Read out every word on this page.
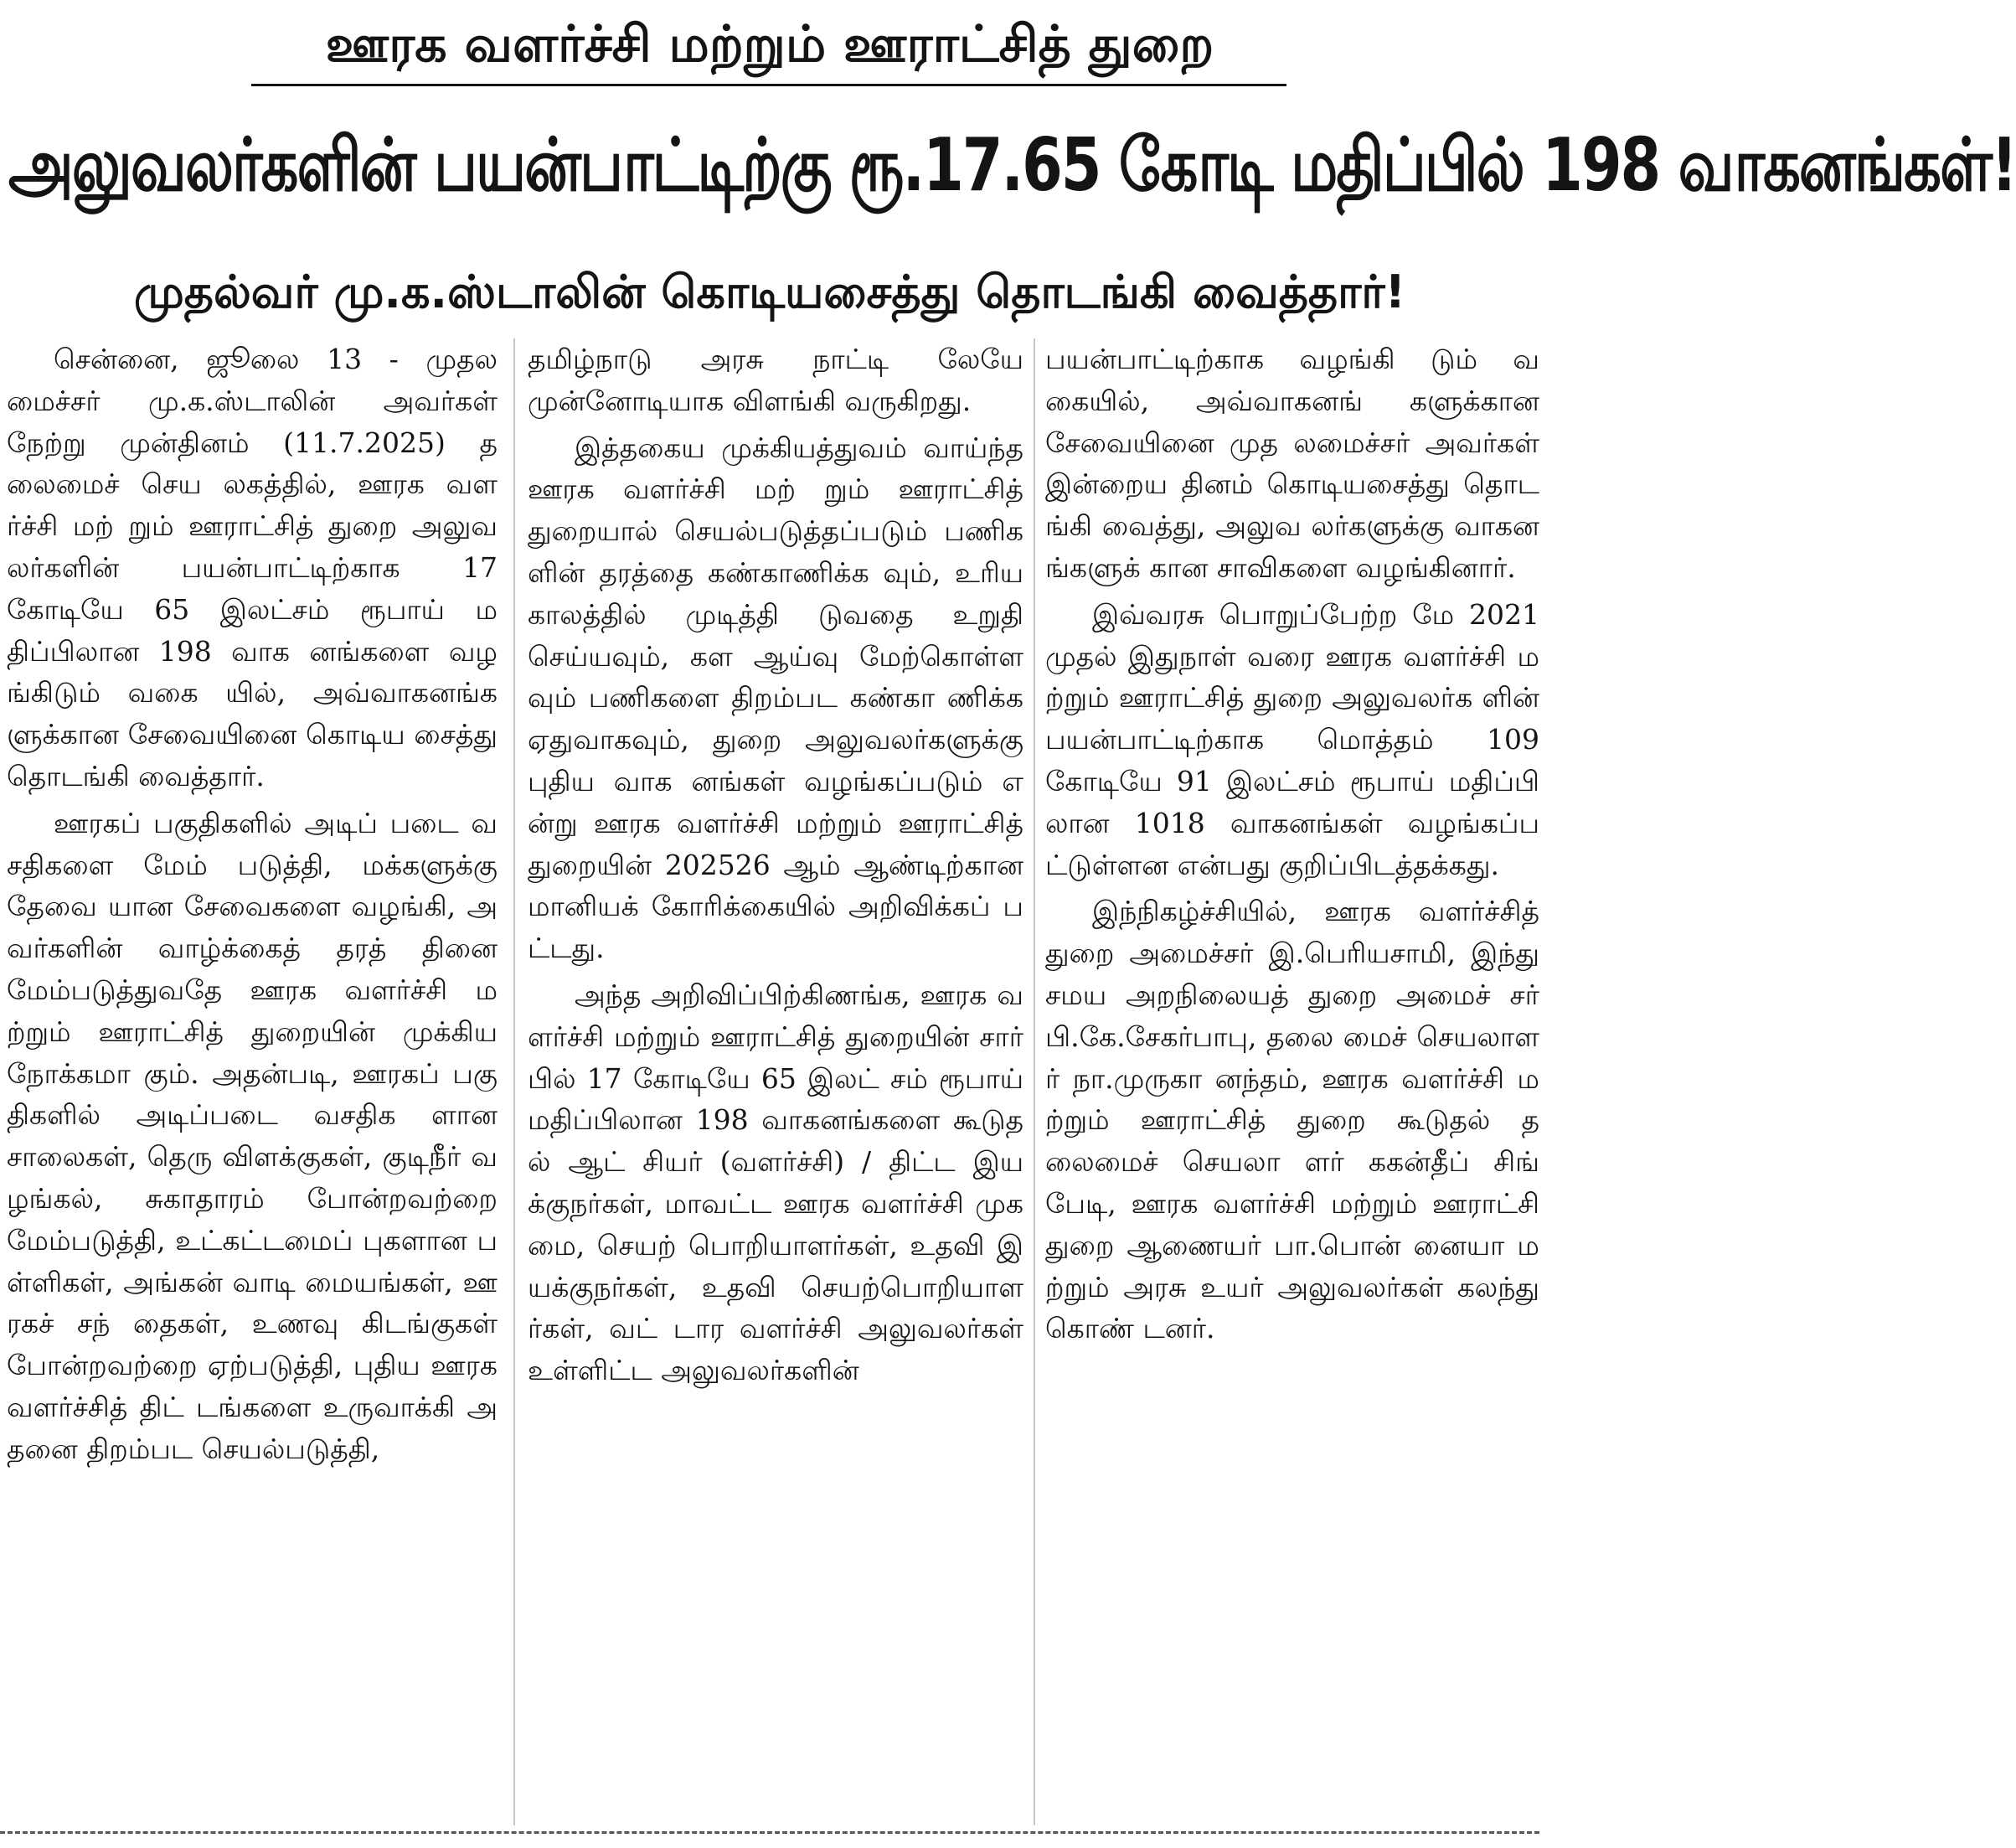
ஊரக வளர்ச்சி மற்றும் ஊராட்சித் துறை
அலுவலர்களின் பயன்பாட்டிற்கு ரூ.17.65 கோடி மதிப்பில் 198 வாகனங்கள்!
முதல்வர் மு.க.ஸ்டாலின் கொடியசைத்து தொடங்கி வைத்தார்!

சென்னை, ஜூலை 13 - முதலமைச்சர் மு.க.ஸ்டாலின் அவர்கள் நேற்று முன்தினம் (11.7.2025) தலைமைச் செய லகத்தில், ஊரக வளர்ச்சி மற் றும் ஊராட்சித் துறை அலுவ லர்களின் பயன்பாட்டிற்காக 17 கோடியே 65 இலட்சம் ரூபாய் மதிப்பிலான 198 வாக னங்களை வழங்கிடும் வகை யில், அவ்வாகனங்களுக்கான சேவையினை கொடிய சைத்து தொடங்கி வைத்தார்.

ஊரகப் பகுதிகளில் அடிப் படை வசதிகளை மேம் படுத்தி, மக்களுக்கு தேவை யான சேவைகளை வழங்கி, அவர்களின் வாழ்க்கைத் தரத் தினை மேம்படுத்துவதே ஊரக வளர்ச்சி மற்றும் ஊராட்சித் துறையின் முக்கிய நோக்கமா கும். அதன்படி, ஊரகப் பகு திகளில் அடிப்படை வசதிக ளான சாலைகள், தெரு விளக்குகள், குடிநீர் வழங்கல், சுகாதாரம் போன்றவற்றை மேம்படுத்தி, உட்கட்டமைப் புகளான பள்ளிகள், அங்கன் வாடி மையங்கள், ஊரகச் சந் தைகள், உணவு கிடங்குகள் போன்றவற்றை ஏற்படுத்தி, புதிய ஊரக வளர்ச்சித் திட் டங்களை உருவாக்கி அதனை திறம்பட செயல்படுத்தி,

தமிழ்நாடு அரசு நாட்டி லேயே முன்னோடியாக விளங்கி வருகிறது.

இத்தகைய முக்கியத்துவம் வாய்ந்த ஊரக வளர்ச்சி மற் றும் ஊராட்சித் துறையால் செயல்படுத்தப்படும் பணிக ளின் தரத்தை கண்காணிக்க வும், உரிய காலத்தில் முடித்தி டுவதை உறுதி செய்யவும், கள ஆய்வு மேற்கொள்ளவும் பணிகளை திறம்பட கண்கா ணிக்க ஏதுவாகவும், துறை அலுவலர்களுக்கு புதிய வாக னங்கள் வழங்கப்படும் என்று ஊரக வளர்ச்சி மற்றும் ஊராட்சித் துறையின் 202526 ஆம் ஆண்டிற்கான மானியக் கோரிக்கையில் அறிவிக்கப் பட்டது.

அந்த அறிவிப்பிற்கிணங்க, ஊரக வளர்ச்சி மற்றும் ஊராட்சித் துறையின் சார் பில் 17 கோடியே 65 இலட் சம் ரூபாய் மதிப்பிலான 198 வாகனங்களை கூடுதல் ஆட் சியர் (வளர்ச்சி) / திட்ட இயக்குநர்கள், மாவட்ட ஊரக வளர்ச்சி முகமை, செயற் பொறியாளர்கள், உதவி இயக்குநர்கள், உதவி செயற்பொறியாளர்கள், வட் டார வளர்ச்சி அலுவலர்கள் உள்ளிட்ட அலுவலர்களின்

பயன்பாட்டிற்காக வழங்கி டும் வகையில், அவ்வாகனங் களுக்கான சேவையினை முத லமைச்சர் அவர்கள் இன்றைய தினம் கொடியசைத்து தொடங்கி வைத்து, அலுவ லர்களுக்கு வாகனங்களுக் கான சாவிகளை வழங்கினார்.

இவ்வரசு பொறுப்பேற்ற மே 2021 முதல் இதுநாள் வரை ஊரக வளர்ச்சி மற்றும் ஊராட்சித் துறை அலுவலர்க ளின் பயன்பாட்டிற்காக மொத்தம் 109 கோடியே 91 இலட்சம் ரூபாய் மதிப்பி லான 1018 வாகனங்கள் வழங்கப்பட்டுள்ளன என்பது குறிப்பிடத்தக்கது.

இந்நிகழ்ச்சியில், ஊரக வளர்ச்சித் துறை அமைச்சர் இ.பெரியசாமி, இந்து சமய அறநிலையத் துறை அமைச் சர் பி.கே.சேகர்பாபு, தலை மைச் செயலாளர் நா.முருகா னந்தம், ஊரக வளர்ச்சி மற்றும் ஊராட்சித் துறை கூடுதல் தலைமைச் செயலா ளர் ககன்தீப் சிங் பேடி, ஊரக வளர்ச்சி மற்றும் ஊராட்சி துறை ஆணையர் பா.பொன் னையா மற்றும் அரசு உயர் அலுவலர்கள் கலந்து கொண் டனர்.
